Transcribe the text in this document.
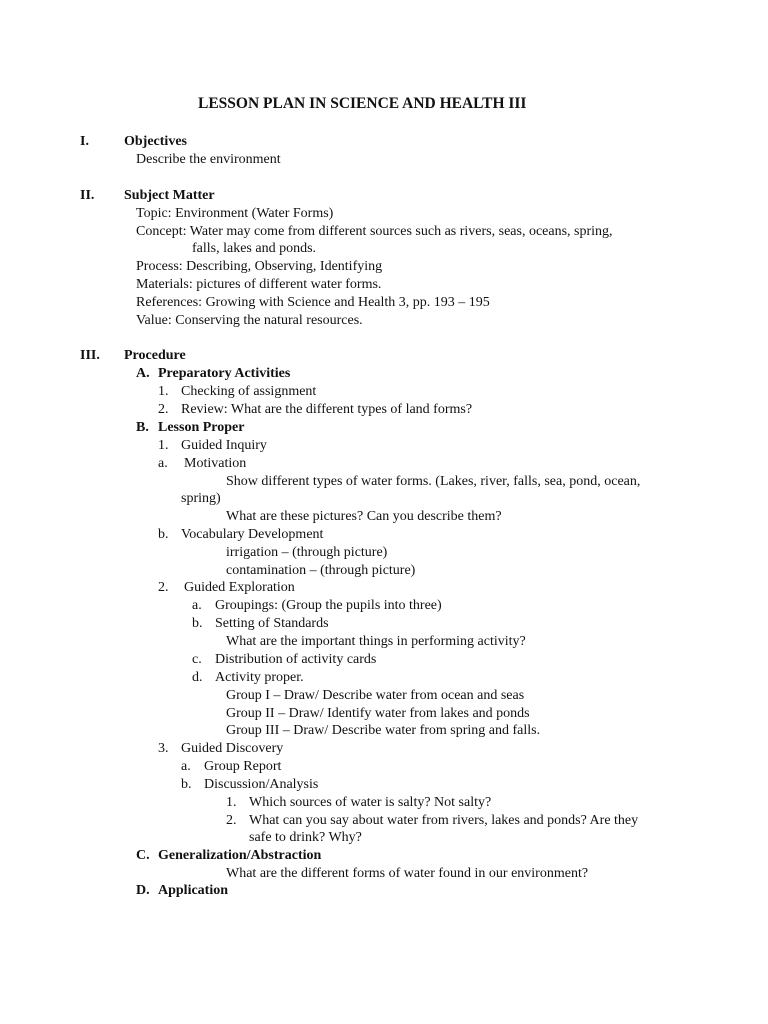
LESSON PLAN IN SCIENCE AND HEALTH III
I.	Objectives
Describe the environment
II. Subject Matter
Topic: Environment (Water Forms)
Concept: Water may come from different sources such as rivers, seas, oceans, spring,
falls, lakes and ponds.
Process: Describing, Observing, Identifying
Materials: pictures of different water forms.
References: Growing with Science and Health 3, pp. 193 – 195
Value: Conserving the natural resources.
III. Procedure
A. Preparatory Activities
1. Checking of assignment
2. Review: What are the different types of land forms?
B. Lesson Proper
1. Guided Inquiry
a. Motivation
Show different types of water forms. (Lakes, river, falls, sea, pond, ocean,
spring)
What are these pictures? Can you describe them?
b. Vocabulary Development
irrigation – (through picture)
contamination – (through picture)
2. Guided Exploration
a. Groupings: (Group the pupils into three)
b. Setting of Standards
What are the important things in performing activity?
c. Distribution of activity cards
d. Activity proper.
Group I – Draw/ Describe water from ocean and seas
Group II – Draw/ Identify water from lakes and ponds
Group III – Draw/ Describe water from spring and falls.
3. Guided Discovery
a. Group Report
b. Discussion/Analysis
1. Which sources of water is salty? Not salty?
2. What can you say about water from rivers, lakes and ponds? Are they
safe to drink? Why?
C. Generalization/Abstraction
What are the different forms of water found in our environment?
D. Application
